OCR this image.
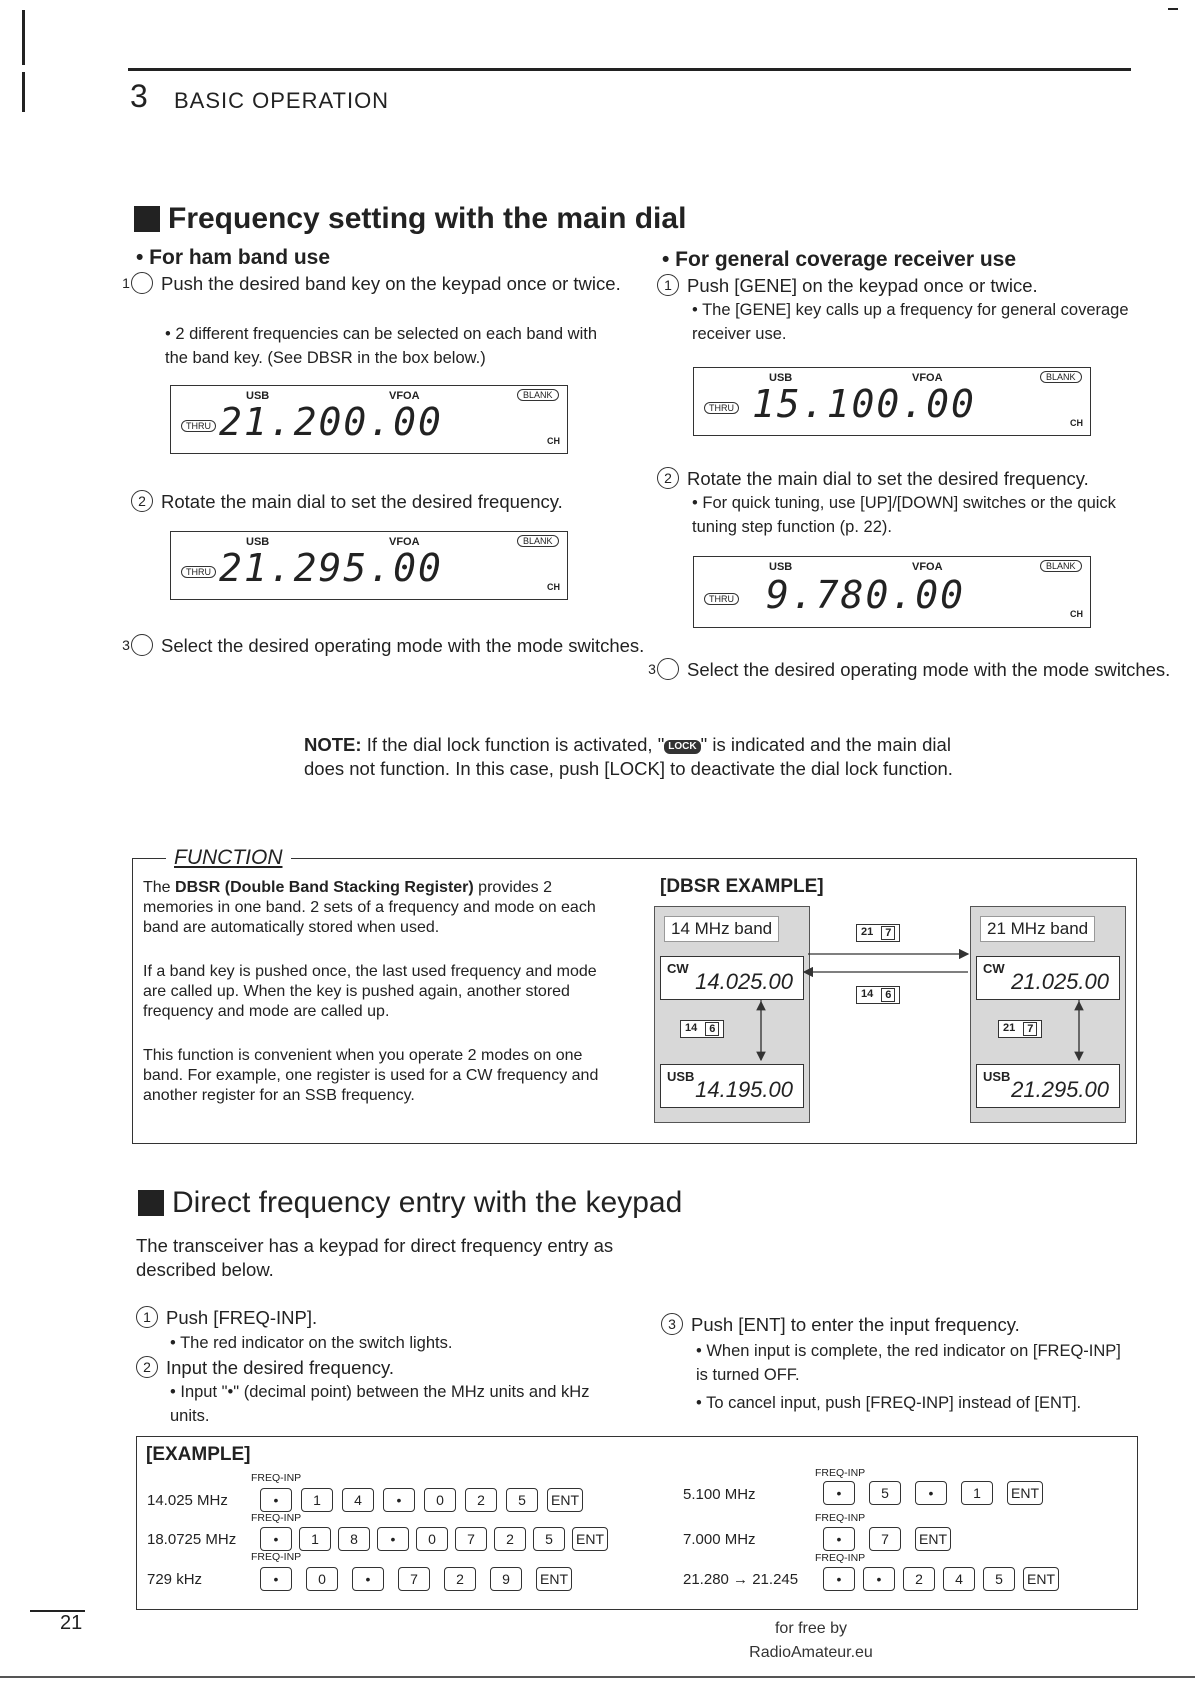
3 BASIC OPERATION
Frequency setting with the main dial
• For ham band use
1 Push the desired band key on the keypad once or twice.
• 2 different frequencies can be selected on each band with the band key. (See DBSR in the box below.)
USB	VFOA	BLANK
THRU 21.200.00	CH
2 Rotate the main dial to set the desired frequency.
USB	VFOA	BLANK
THRU 21.295.00	CH
3 Select the desired operating mode with the mode switches.
• For general coverage receiver use
1 Push [GENE] on the keypad once or twice.
• The [GENE] key calls up a frequency for general coverage receiver use.
USB	VFOA	BLANK
THRU 15.100.00	CH
2 Rotate the main dial to set the desired frequency.
• For quick tuning, use [UP]/[DOWN] switches or the quick tuning step function (p. 22).
USB	VFOA	BLANK
THRU 9.780.00	CH
3 Select the desired operating mode with the mode switches.
NOTE: If the dial lock function is activated, " LOCK " is indicated and the main dial does not function. In this case, push [LOCK] to deactivate the dial lock function.
FUNCTION
The DBSR (Double Band Stacking Register) provides 2 memories in one band. 2 sets of a frequency and mode on each band are automatically stored when used.
If a band key is pushed once, the last used frequency and mode are called up. When the key is pushed again, another stored frequency and mode are called up.
This function is convenient when you operate 2 modes on one band. For example, one register is used for a CW frequency and another register for an SSB frequency.
[DBSR EXAMPLE]
14 MHz band
CW
14.025.00
14	6
USB
14.195.00
21 MHz band
CW
21.025.00
21	7
USB
21.295.00
21	7
14	6
Direct frequency entry with the keypad
The transceiver has a keypad for direct frequency entry as described below.
1 Push [FREQ-INP].
• The red indicator on the switch lights.
2 Input the desired frequency.
• Input "•" (decimal point) between the MHz units and kHz units.
3 Push [ENT] to enter the input frequency.
• When input is complete, the red indicator on [FREQ-INP] is turned OFF.
• To cancel input, push [FREQ-INP] instead of [ENT].
[EXAMPLE]
FREQ-INP
14.025 MHz	•	1	4	•	0	2	5	ENT
FREQ-INP
18.0725 MHz	•	1	8	•	0	7	2	5	ENT
FREQ-INP
729 kHz	•	0	•	7	2	9	ENT
FREQ-INP
5.100 MHz	•	5	•	1	ENT
FREQ-INP
7.000 MHz	•	7	ENT
FREQ-INP
21.280 → 21.245	•	•	2	4	5	ENT
21	for free by
RadioAmateur.eu
